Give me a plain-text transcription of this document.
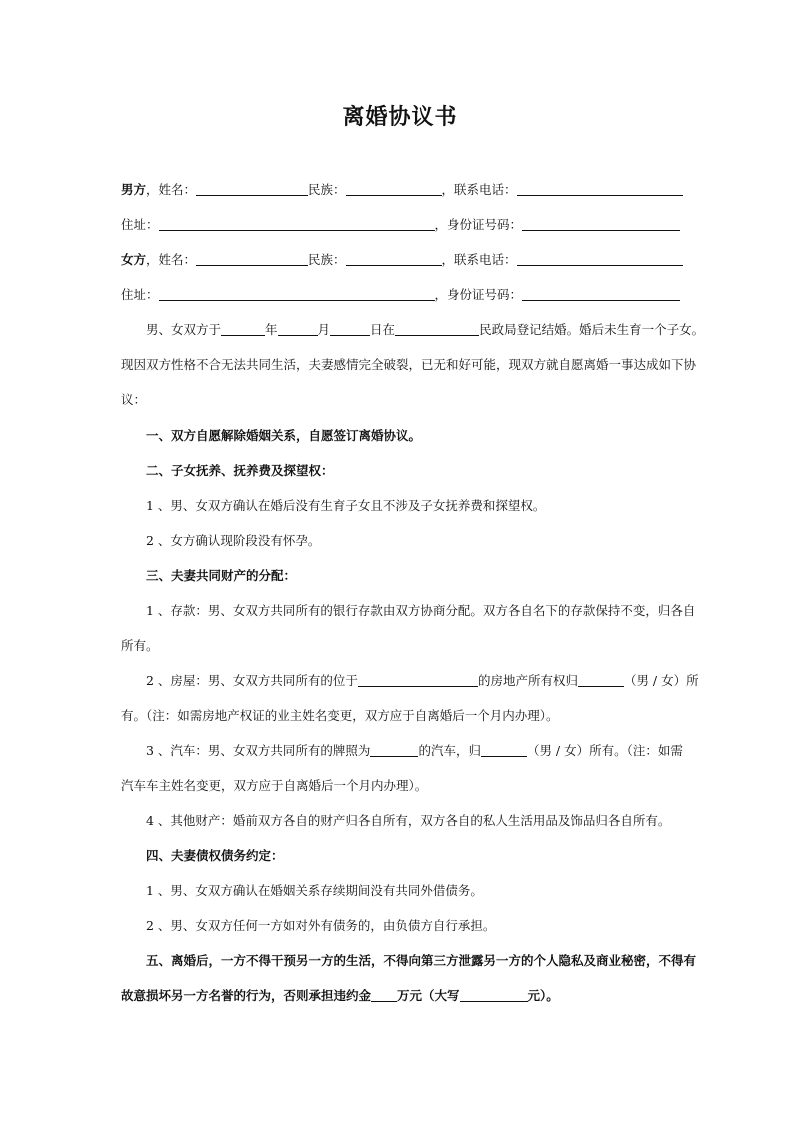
离婚协议书
男方，姓名：	民族：	，联系电话：
住址：	，身份证号码：
女方，姓名：	民族：	，联系电话：
住址：	，身份证号码：
男、女双方于	年	月	日在	民政局登记结婚。婚后未生育一个子女。
现因双方性格不合无法共同生活，夫妻感情完全破裂，已无和好可能，现双方就自愿离婚一事达成如下协
议：
一、双方自愿解除婚姻关系，自愿签订离婚协议。
二、子女抚养、抚养费及探望权：
1 、男、女双方确认在婚后没有生育子女且不涉及子女抚养费和探望权。
2 、女方确认现阶段没有怀孕。
三、夫妻共同财产的分配：
1 、存款：男、女双方共同所有的银行存款由双方协商分配。双方各自名下的存款保持不变，归各自
所有。
2 、房屋：男、女双方共同所有的位于	的房地产所有权归	（男 / 女）所
有。（注：如需房地产权证的业主姓名变更，双方应于自离婚后一个月内办理）。
3 、汽车：男、女双方共同所有的牌照为	的汽车，归	（男 / 女）所有。（注：如需
汽车车主姓名变更，双方应于自离婚后一个月内办理）。
4 、其他财产：婚前双方各自的财产归各自所有，双方各自的私人生活用品及饰品归各自所有。
四、夫妻债权债务约定：
1 、男、女双方确认在婚姻关系存续期间没有共同外借债务。
2 、男、女双方任何一方如对外有债务的，由负债方自行承担。
五、离婚后，一方不得干预另一方的生活，不得向第三方泄露另一方的个人隐私及商业秘密，不得有
故意损坏另一方名誉的行为，否则承担违约金 万元（大写	元）。
